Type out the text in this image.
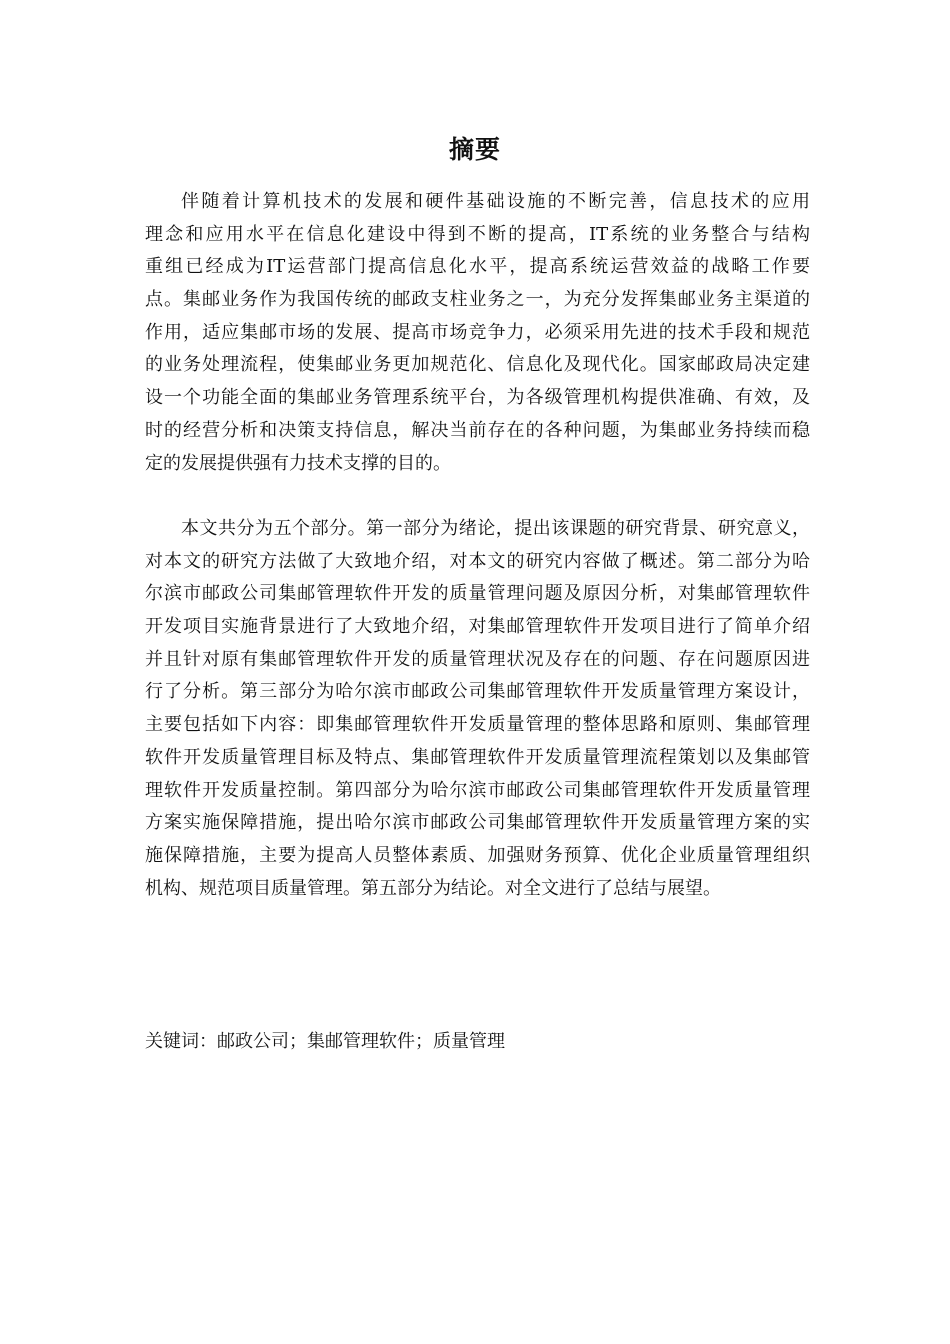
摘要
伴随着计算机技术的发展和硬件基础设施的不断完善，信息技术的应用
理念和应用水平在信息化建设中得到不断的提高，IT系统的业务整合与结构
重组已经成为IT运营部门提高信息化水平，提高系统运营效益的战略工作要
点。集邮业务作为我国传统的邮政支柱业务之一，为充分发挥集邮业务主渠道的
作用，适应集邮市场的发展、提高市场竞争力，必须采用先进的技术手段和规范
的业务处理流程，使集邮业务更加规范化、信息化及现代化。国家邮政局决定建
设一个功能全面的集邮业务管理系统平台，为各级管理机构提供准确、有效，及
时的经营分析和决策支持信息，解决当前存在的各种问题，为集邮业务持续而稳
定的发展提供强有力技术支撑的目的。
本文共分为五个部分。第一部分为绪论，提出该课题的研究背景、研究意义，
对本文的研究方法做了大致地介绍，对本文的研究内容做了概述。第二部分为哈
尔滨市邮政公司集邮管理软件开发的质量管理问题及原因分析，对集邮管理软件
开发项目实施背景进行了大致地介绍，对集邮管理软件开发项目进行了简单介绍
并且针对原有集邮管理软件开发的质量管理状况及存在的问题、存在问题原因进
行了分析。第三部分为哈尔滨市邮政公司集邮管理软件开发质量管理方案设计，
主要包括如下内容：即集邮管理软件开发质量管理的整体思路和原则、集邮管理
软件开发质量管理目标及特点、集邮管理软件开发质量管理流程策划以及集邮管
理软件开发质量控制。第四部分为哈尔滨市邮政公司集邮管理软件开发质量管理
方案实施保障措施，提出哈尔滨市邮政公司集邮管理软件开发质量管理方案的实
施保障措施，主要为提高人员整体素质、加强财务预算、优化企业质量管理组织
机构、规范项目质量管理。第五部分为结论。对全文进行了总结与展望。
关键词：邮政公司；集邮管理软件；质量管理
